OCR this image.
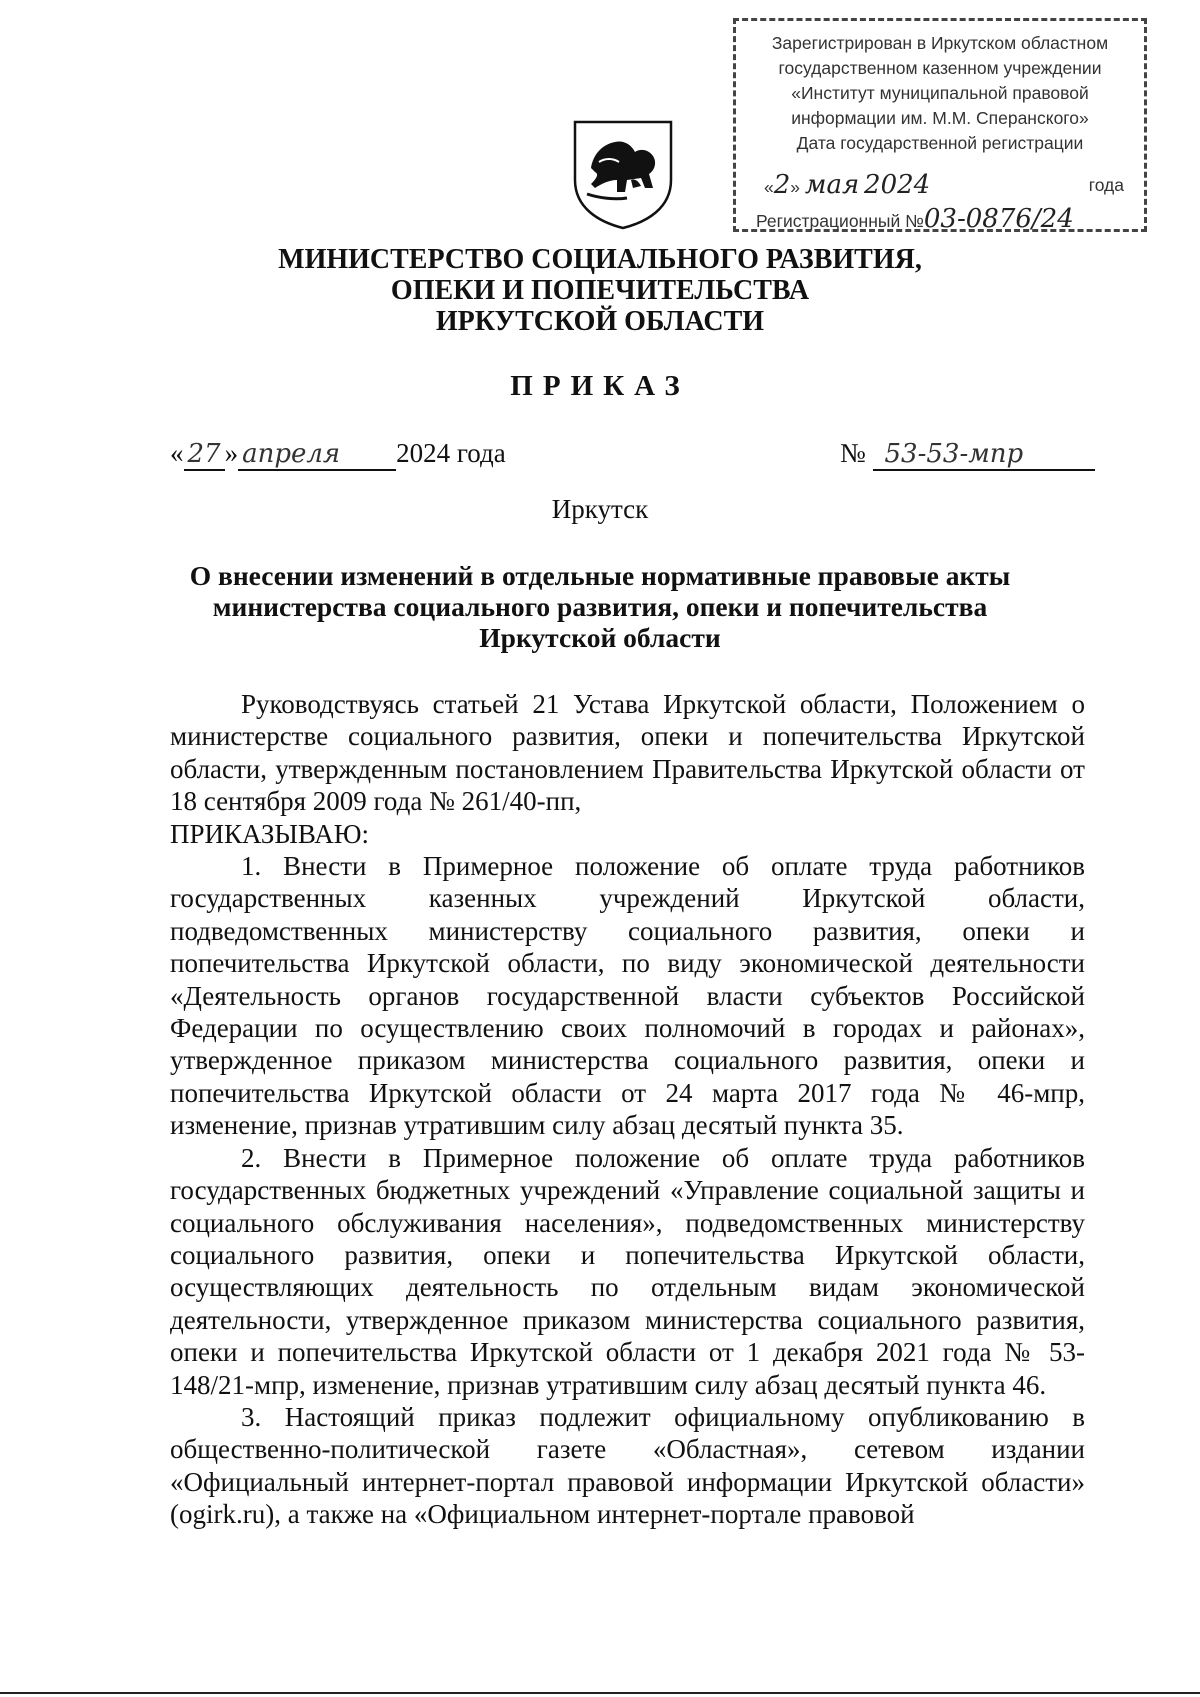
Зарегистрирован в Иркутском областном
государственном казенном учреждении
«Институт муниципальной правовой
информации им. М.М. Сперанского»
Дата государственной регистрации
«2» мая 2024	года
Регистрационный №03-0876/24
МИНИСТЕРСТВО СОЦИАЛЬНОГО РАЗВИТИЯ,
ОПЕКИ И ПОПЕЧИТЕЛЬСТВА
ИРКУТСКОЙ ОБЛАСТИ
ПРИКАЗ
« 27 » апреля 2024 года	№ 53-53-мпр
Иркутск
О внесении изменений в отдельные нормативные правовые акты
министерства социального развития, опеки и попечительства
Иркутской области

Руководствуясь статьей 21 Устава Иркутской области, Положением о министерстве социального развития, опеки и попечительства Иркутской области, утвержденным постановлением Правительства Иркутской области от 18 сентября 2009 года № 261/40-пп,

ПРИКАЗЫВАЮ:

1. Внести в Примерное положение об оплате труда работников государственных казенных учреждений Иркутской области, подведомственных министерству социального развития, опеки и попечительства Иркутской области, по виду экономической деятельности «Деятельность органов государственной власти субъектов Российской Федерации по осуществлению своих полномочий в городах и районах», утвержденное приказом министерства социального развития, опеки и попечительства Иркутской области от 24 марта 2017 года № 46-мпр, изменение, признав утратившим силу абзац десятый пункта 35.

2. Внести в Примерное положение об оплате труда работников государственных бюджетных учреждений «Управление социальной защиты и социального обслуживания населения», подведомственных министерству социального развития, опеки и попечительства Иркутской области, осуществляющих деятельность по отдельным видам экономической деятельности, утвержденное приказом министерства социального развития, опеки и попечительства Иркутской области от 1 декабря 2021 года № 53-148/21-мпр, изменение, признав утратившим силу абзац десятый пункта 46.

3. Настоящий приказ подлежит официальному опубликованию в общественно-политической газете «Областная», сетевом издании «Официальный интернет-портал правовой информации Иркутской области» (ogirk.ru), а также на «Официальном интернет-портале правовой
